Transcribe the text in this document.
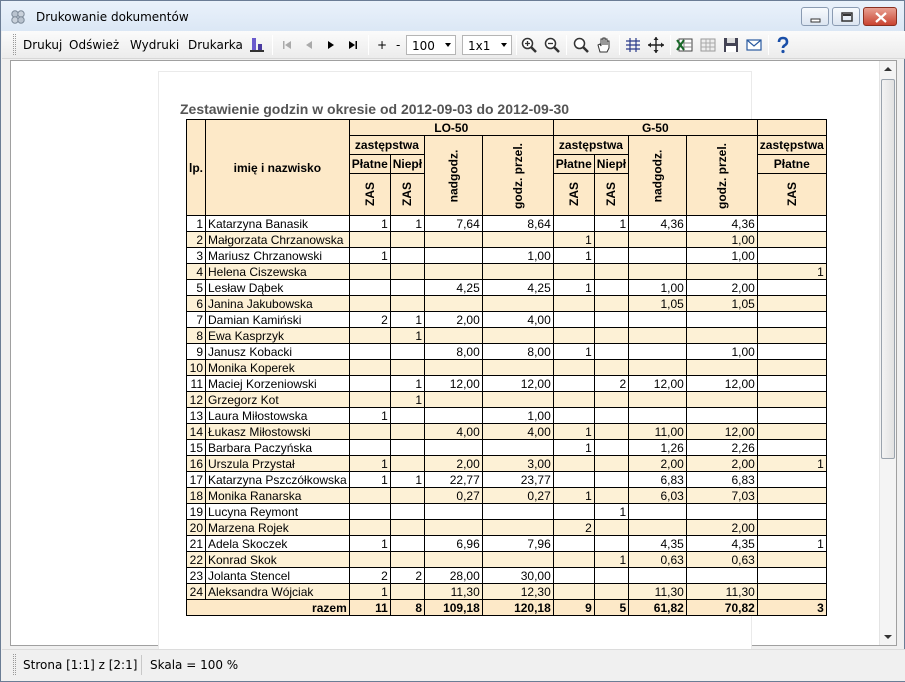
Drukowanie dokumentów
Drukuj Odśwież Wydruki Drukarka	+ - 100	1x1
Zestawienie godzin w okresie od 2012-09-03 do 2012-09-30
lp.	imię i nazwisko	LO-50				G-50				
		zastępstwa		nadgodz.	godz. przel.	zastępstwa		nadgodz.	godz. przel.	zastępstwa
		Płatne	Niepł			Płatne	Niepł			Płatne
		ZAS	ZAS			ZAS	ZAS			ZAS
1	Katarzyna Banasik	1	1	7,64	8,64		1	4,36	4,36	
2	Małgorzata Chrzanowska					1			1,00	
3	Mariusz Chrzanowski	1			1,00	1			1,00	
4	Helena Ciszewska									1
5	Lesław Dąbek			4,25	4,25	1		1,00	2,00	
6	Janina Jakubowska							1,05	1,05	
7	Damian Kamiński	2	1	2,00	4,00					
8	Ewa Kasprzyk		1							
9	Janusz Kobacki			8,00	8,00	1			1,00	
10	Monika Koperek									
11	Maciej Korzeniowski		1	12,00	12,00		2	12,00	12,00	
12	Grzegorz Kot		1							
13	Laura Miłostowska	1			1,00					
14	Łukasz Miłostowski			4,00	4,00	1		11,00	12,00	
15	Barbara Paczyńska					1		1,26	2,26	
16	Urszula Przystał	1		2,00	3,00			2,00	2,00	1
17	Katarzyna Pszczółkowska	1	1	22,77	23,77			6,83	6,83	
18	Monika Ranarska			0,27	0,27	1		6,03	7,03	
19	Lucyna Reymont						1			
20	Marzena Rojek					2			2,00	
21	Adela Skoczek	1		6,96	7,96			4,35	4,35	1
22	Konrad Skok						1	0,63	0,63	
23	Jolanta Stencel	2	2	28,00	30,00					
24	Aleksandra Wójciak	1		11,30	12,30			11,30	11,30	
razem		11	8	109,18	120,18	9	5	61,82	70,82	3
Strona [1:1] z [2:1] Skala = 100 %
